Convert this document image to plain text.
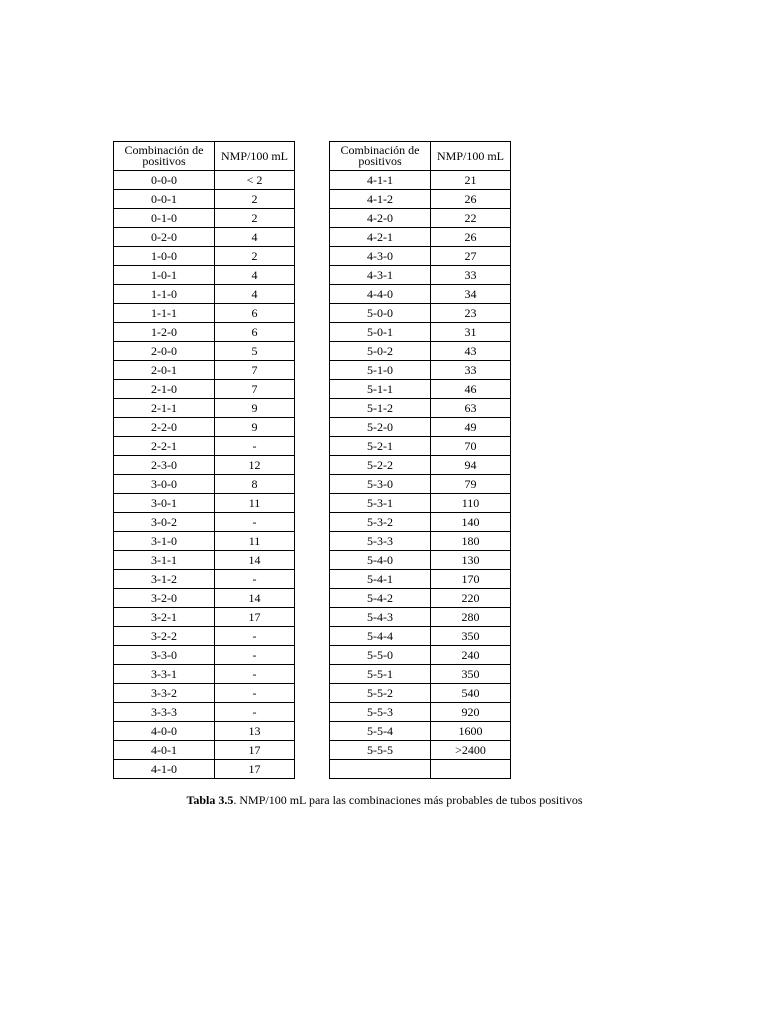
Combinación de positivos	NMP/100 mL
0-0-0	< 2
0-0-1	2
0-1-0	2
0-2-0	4
1-0-0	2
1-0-1	4
1-1-0	4
1-1-1	6
1-2-0	6
2-0-0	5
2-0-1	7
2-1-0	7
2-1-1	9
2-2-0	9
2-2-1	-
2-3-0	12
3-0-0	8
3-0-1	11
3-0-2	-
3-1-0	11
3-1-1	14
3-1-2	-
3-2-0	14
3-2-1	17
3-2-2	-
3-3-0	-
3-3-1	-
3-3-2	-
3-3-3	-
4-0-0	13
4-0-1	17
4-1-0	17
Combinación de positivos	NMP/100 mL
4-1-1	21
4-1-2	26
4-2-0	22
4-2-1	26
4-3-0	27
4-3-1	33
4-4-0	34
5-0-0	23
5-0-1	31
5-0-2	43
5-1-0	33
5-1-1	46
5-1-2	63
5-2-0	49
5-2-1	70
5-2-2	94
5-3-0	79
5-3-1	110
5-3-2	140
5-3-3	180
5-4-0	130
5-4-1	170
5-4-2	220
5-4-3	280
5-4-4	350
5-5-0	240
5-5-1	350
5-5-2	540
5-5-3	920
5-5-4	1600
5-5-5	>2400

Tabla 3.5. NMP/100 mL para las combinaciones más probables de tubos positivos
